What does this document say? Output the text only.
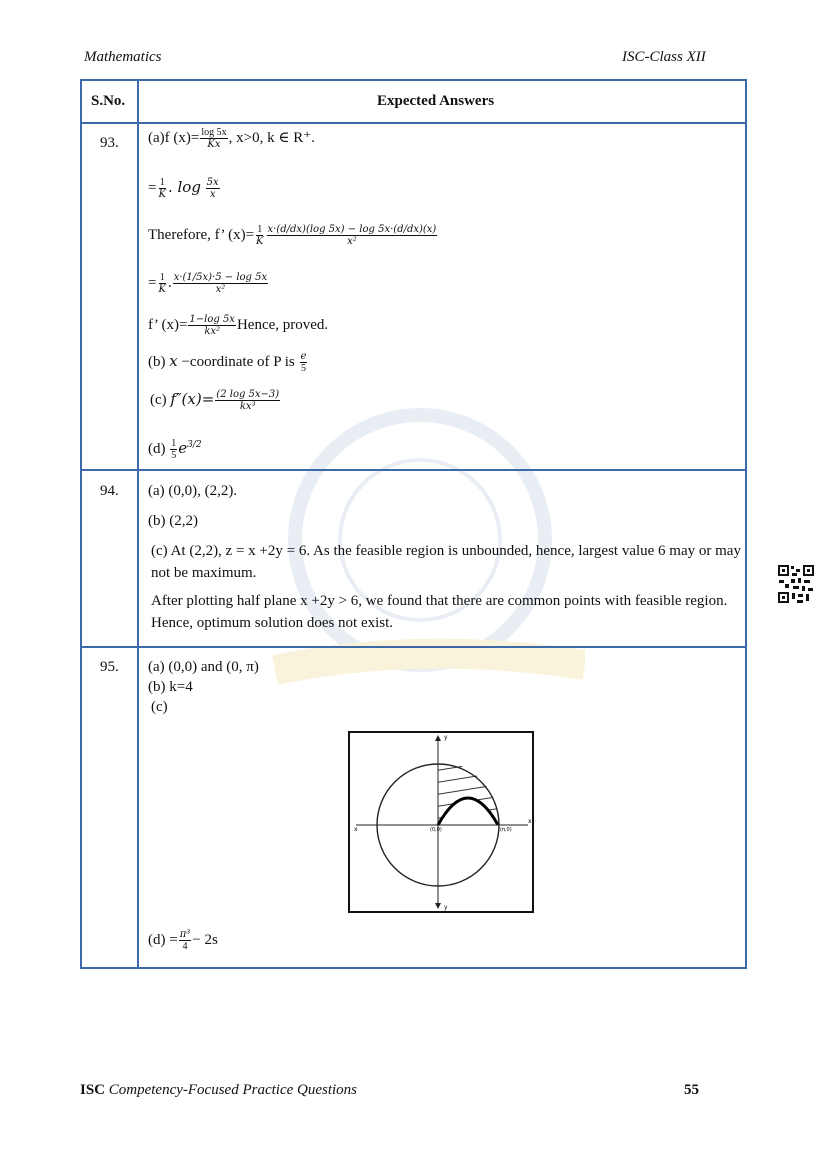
Mathematics	ISC-Class XII
S.No.	Expected Answers
93. (a)f $(x)= \frac{\log 5x}{Kx}$ , x>0, k ∈ R⁺.
= $\frac{1}{K}$ . $\log \frac{5x}{x}$
Therefore, f’ $(x)= \frac{1}{K} \frac{x\cdot(d/dx)(\log 5x) - \log 5x\cdot(d/dx)(x)}{\text{x²}}$
= $\frac{1}{K}$ . $\frac{x\cdot(1/5x)\cdot 5 - \log 5x}{\text{x²}}$
f’ $(x)= \frac{1-\log 5x}{\text{kx²}}$ Hence, proved.
(b) x −coordinate of P is $\frac{e}{5}$
(c) $f''(x)= \frac{(2 \log 5x-3)}{\text{kx³}}$
$(d) \frac{1}{5} e^{3/2}$
94. (a) (0,0), (2,2).
(b) (2,2)
(c) At (2,2), z = x +2y = 6. As the feasible region is unbounded, hence, largest value 6 may or may not be maximum.
After plotting half plane x +2y > 6, we found that there are common points with feasible region. Hence, optimum solution does not exist.
95. (a) (0,0) and (0, π)
(b) k=4
(c)
$(d) = \frac{\text{π³}}{4} - 2s$
y
y
x
x
(0,0)	(π,0)
ISC Competency-Focused Practice Questions	55
